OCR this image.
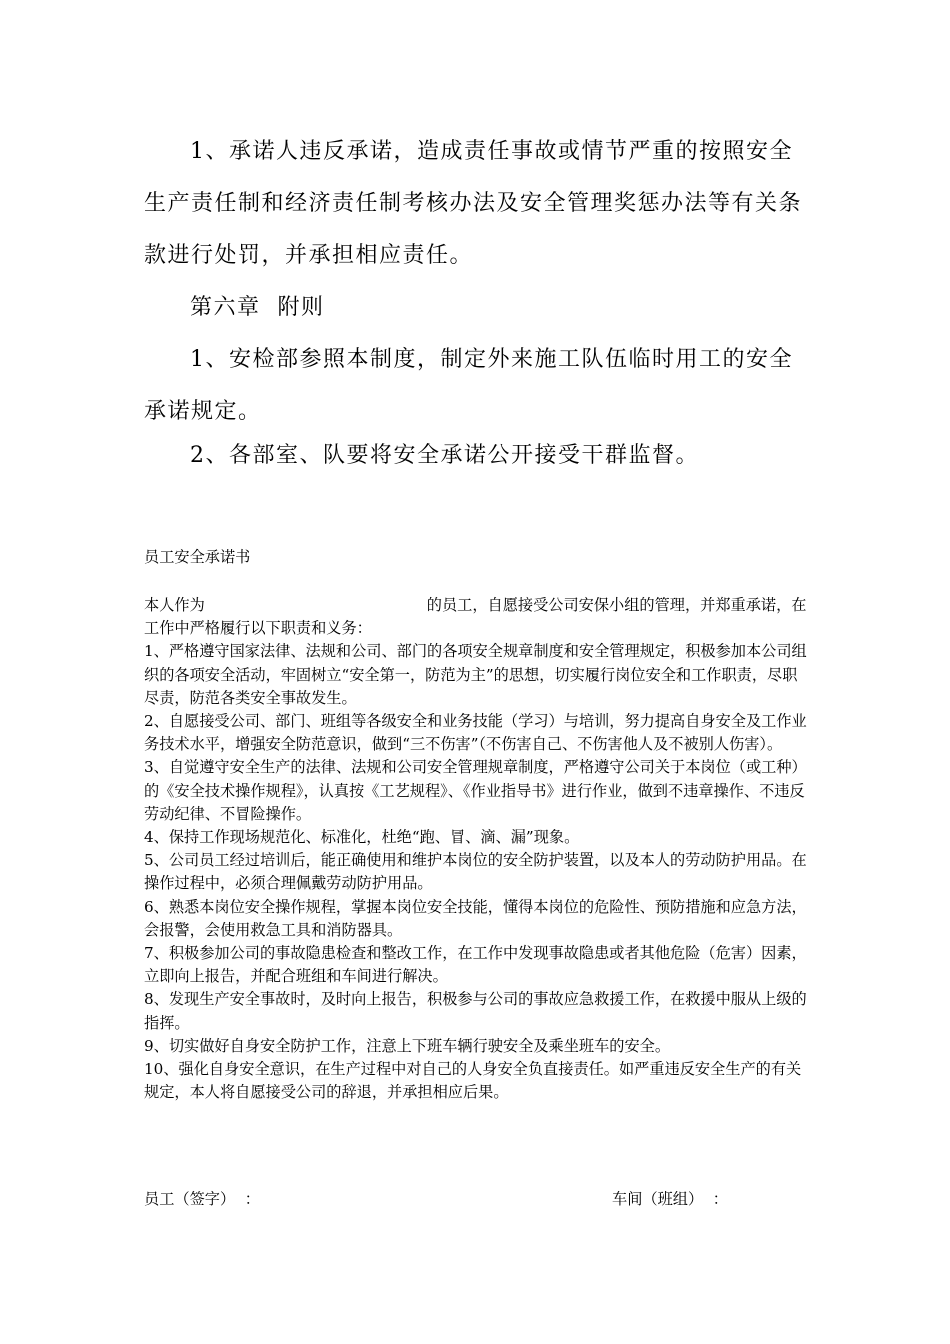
1、承诺人违反承诺，造成责任事故或情节严重的按照安全生产责任制和经济责任制考核办法及安全管理奖惩办法等有关条款进行处罚，并承担相应责任。

第六章  附则

1、安检部参照本制度，制定外来施工队伍临时用工的安全承诺规定。

2、各部室、队要将安全承诺公开接受干群监督。

员工安全承诺书

本人作为	的员工，自愿接受公司安保小组的管理，并郑重承诺，在工作中严格履行以下职责和义务：

1、严格遵守国家法律、法规和公司、部门的各项安全规章制度和安全管理规定，积极参加本公司组织的各项安全活动，牢固树立“安全第一，防范为主”的思想，切实履行岗位安全和工作职责，尽职尽责，防范各类安全事故发生。

2、自愿接受公司、部门、班组等各级安全和业务技能（学习）与培训，努力提高自身安全及工作业务技术水平，增强安全防范意识，做到“三不伤害”（不伤害自己、不伤害他人及不被别人伤害）。

3、自觉遵守安全生产的法律、法规和公司安全管理规章制度，严格遵守公司关于本岗位（或工种）的《安全技术操作规程》，认真按《工艺规程》、《作业指导书》进行作业，做到不违章操作、不违反劳动纪律、不冒险操作。

4、保持工作现场规范化、标准化，杜绝“跑、冒、滴、漏”现象。

5、公司员工经过培训后，能正确使用和维护本岗位的安全防护装置，以及本人的劳动防护用品。在操作过程中，必须合理佩戴劳动防护用品。

6、熟悉本岗位安全操作规程，掌握本岗位安全技能，懂得本岗位的危险性、预防措施和应急方法，会报警，会使用救急工具和消防器具。

7、积极参加公司的事故隐患检查和整改工作，在工作中发现事故隐患或者其他危险（危害）因素，立即向上报告，并配合班组和车间进行解决。

8、发现生产安全事故时，及时向上报告，积极参与公司的事故应急救援工作，在救援中服从上级的指挥。

9、切实做好自身安全防护工作，注意上下班车辆行驶安全及乘坐班车的安全。

10、强化自身安全意识，在生产过程中对自己的人身安全负直接责任。如严重违反安全生产的有关规定，本人将自愿接受公司的辞退，并承担相应后果。

员工（签字）  ：	车间（班组）  ：
